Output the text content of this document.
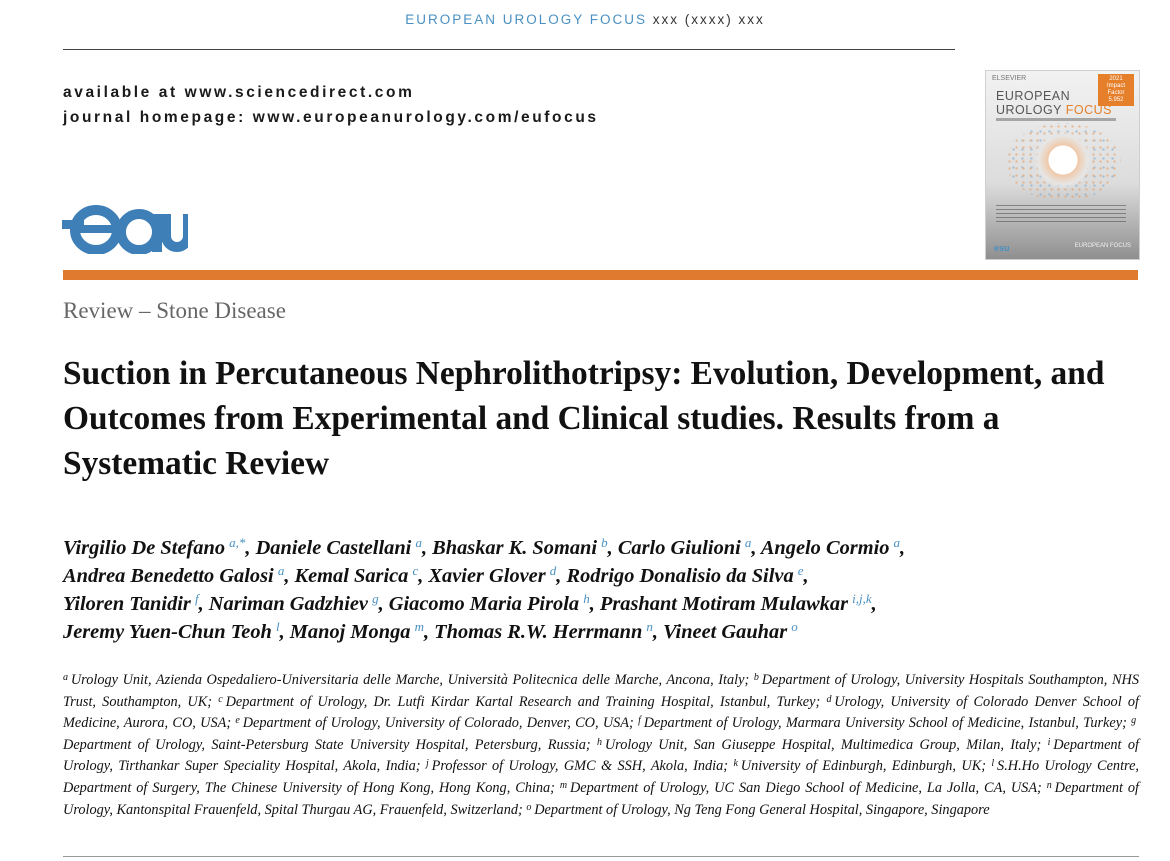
EUROPEAN UROLOGY FOCUS xxx (xxxx) xxx
available at www.sciencedirect.com
journal homepage: www.europeanurology.com/eufocus
ELSEVIER	2021
Impact
Factor
5.952
EUROPEAN
UROLOGY FOCUS
esu	EUROPEAN FOCUS
Review – Stone Disease
Suction in Percutaneous Nephrolithotripsy: Evolution, Development, and Outcomes from Experimental and Clinical studies. Results from a Systematic Review
Virgilio De Stefano  $^{a,*}$, Daniele Castellani  $^a$, Bhaskar K. Somani  $^b$, Carlo Giulioni  $^a$, Angelo Cormio  $^a$,
Andrea Benedetto Galosi  $^a$, Kemal Sarica  $^c$, Xavier Glover  $^d$, Rodrigo Donalisio da Silva  $^e$,
Yiloren Tanidir  $^f$, Nariman Gadzhiev  $^g$, Giacomo Maria Pirola  $^h$, Prashant Motiram Mulawkar  $^{i,j,k}$,
Jeremy Yuen-Chun Teoh  $^l$, Manoj Monga  $^m$, Thomas R.W. Herrmann  $^n$, Vineet Gauhar  $^o$
$^a$ Urology Unit, Azienda Ospedaliero-Universitaria delle Marche, Università Politecnica delle Marche, Ancona, Italy; $^b$ Department of Urology, University Hospitals Southampton, NHS Trust, Southampton, UK; $^c$ Department of Urology, Dr. Lutfi Kirdar Kartal Research and Training Hospital, Istanbul, Turkey; $^d$ Urology, University of Colorado Denver School of Medicine, Aurora, CO, USA; $^e$ Department of Urology, University of Colorado, Denver, CO, USA; $^f$ Department of Urology, Marmara University School of Medicine, Istanbul, Turkey; $^g$ Department of Urology, Saint-Petersburg State University Hospital, Petersburg, Russia; $^h$ Urology Unit, San Giuseppe Hospital, Multimedica Group, Milan, Italy; $^i$ Department of Urology, Tirthankar Super Speciality Hospital, Akola, India; $^j$ Professor of Urology, GMC & SSH, Akola, India; $^k$ University of Edinburgh, Edinburgh, UK; $^l$ S.H.Ho Urology Centre, Department of Surgery, The Chinese University of Hong Kong, Hong Kong, China; $^m$ Department of Urology, UC San Diego School of Medicine, La Jolla, CA, USA; $^n$ Department of Urology, Kantonspital Frauenfeld, Spital Thurgau AG, Frauenfeld, Switzerland; $^o$ Department of Urology, Ng Teng Fong General Hospital, Singapore, Singapore
